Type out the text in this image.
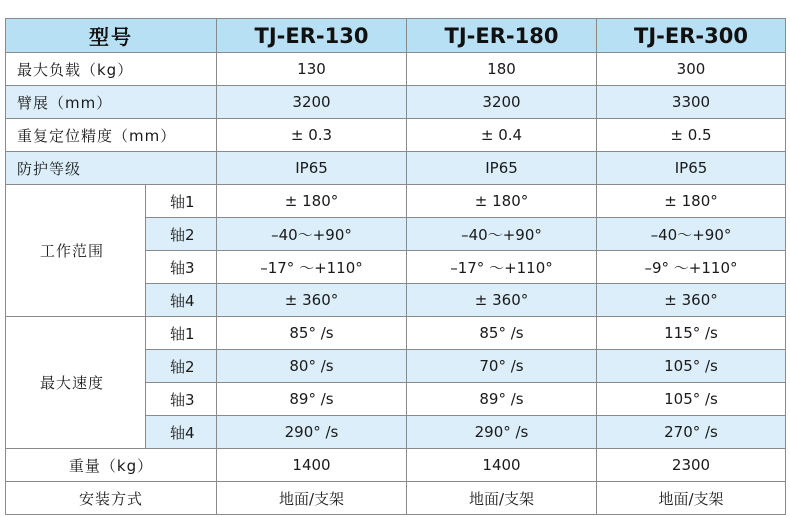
型号		TJ-ER-130	TJ-ER-180	TJ-ER-300
最大负载（kg）		130	180	300
臂展（mm）		3200	3200	3300
重复定位精度（mm）		± 0.3	± 0.4	± 0.5
防护等级		IP65	IP65	IP65
工作范围	轴1	± 180°	± 180°	± 180°
	轴2	–40～+90°	–40～+90°	–40～+90°
	轴3	–17° ～+110°	–17° ～+110°	–9° ～+110°
	轴4	± 360°	± 360°	± 360°
最大速度	轴1	85° /s	85° /s	115° /s
	轴2	80° /s	70° /s	105° /s
	轴3	89° /s	89° /s	105° /s
	轴4	290° /s	290° /s	270° /s
重量（kg）		1400	1400	2300
安装方式		地面/支架	地面/支架	地面/支架
